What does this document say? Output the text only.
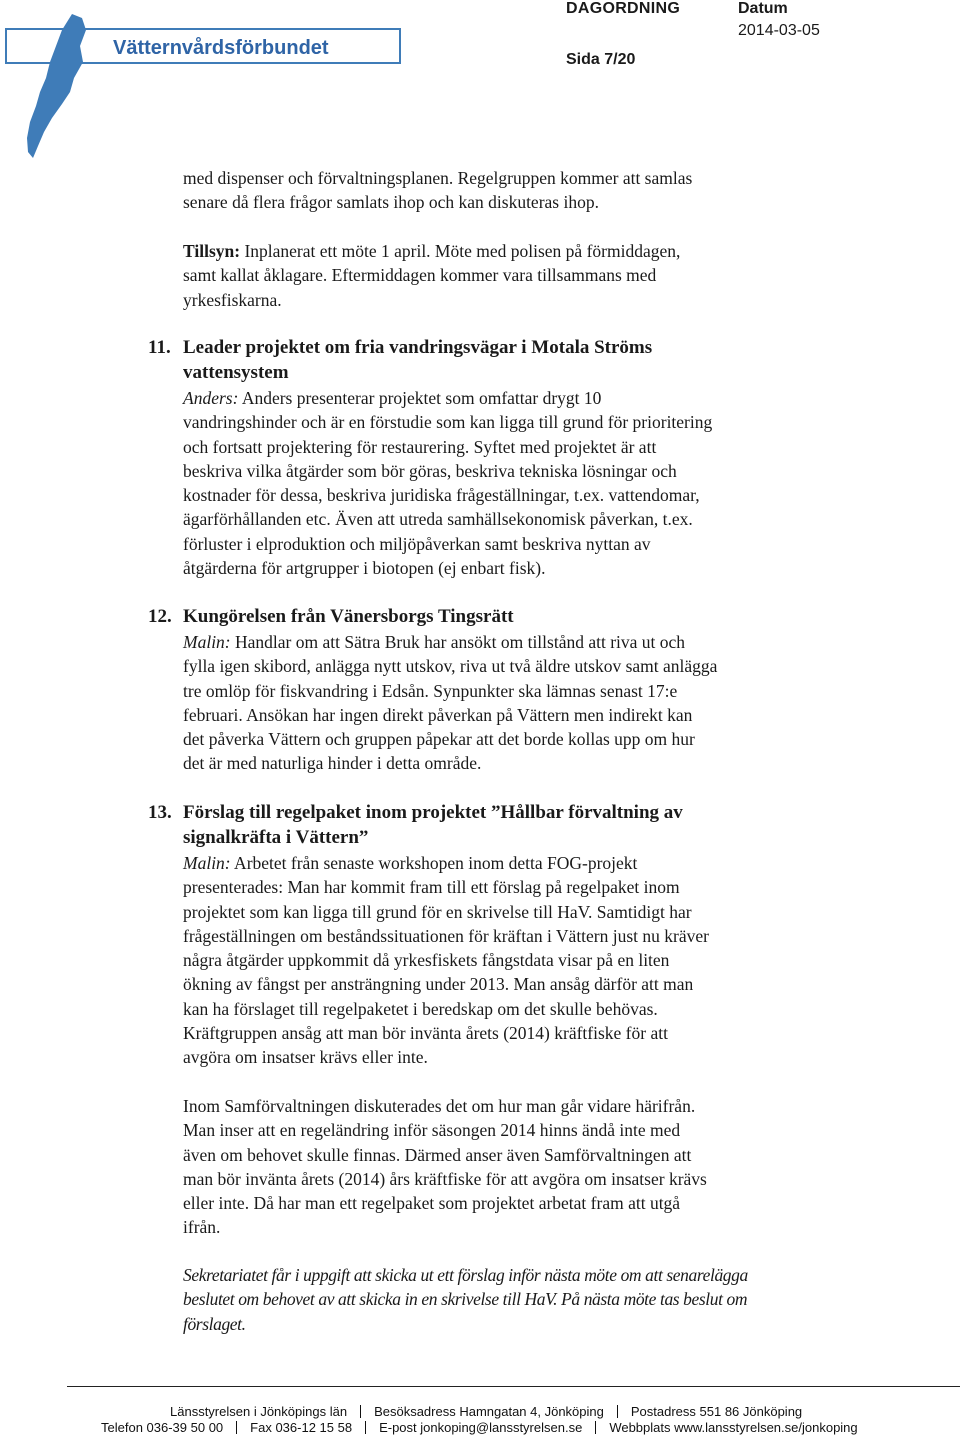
Vätternvårdsförbundet
DAGORDNING	Datum
2014-03-05
Sida 7/20
med dispenser och förvaltningsplanen. Regelgruppen kommer att samlas
senare då flera frågor samlats ihop och kan diskuteras ihop.
Tillsyn: Inplanerat ett möte 1 april. Möte med polisen på förmiddagen,
samt kallat åklagare. Eftermiddagen kommer vara tillsammans med
yrkesfiskarna.
11. Leader projektet om fria vandringsvägar i Motala Ströms
vattensystem
Anders: Anders presenterar projektet som omfattar drygt 10
vandringshinder och är en förstudie som kan ligga till grund för prioritering
och fortsatt projektering för restaurering. Syftet med projektet är att
beskriva vilka åtgärder som bör göras, beskriva tekniska lösningar och
kostnader för dessa, beskriva juridiska frågeställningar, t.ex. vattendomar,
ägarförhållanden etc. Även att utreda samhällsekonomisk påverkan, t.ex.
förluster i elproduktion och miljöpåverkan samt beskriva nyttan av
åtgärderna för artgrupper i biotopen (ej enbart fisk).
12. Kungörelsen från Vänersborgs Tingsrätt
Malin: Handlar om att Sätra Bruk har ansökt om tillstånd att riva ut och
fylla igen skibord, anlägga nytt utskov, riva ut två äldre utskov samt anlägga
tre omlöp för fiskvandring i Edsån. Synpunkter ska lämnas senast 17:e
februari. Ansökan har ingen direkt påverkan på Vättern men indirekt kan
det påverka Vättern och gruppen påpekar att det borde kollas upp om hur
det är med naturliga hinder i detta område.
13. Förslag till regelpaket inom projektet ”Hållbar förvaltning av
signalkräfta i Vättern”
Malin: Arbetet från senaste workshopen inom detta FOG-projekt
presenterades: Man har kommit fram till ett förslag på regelpaket inom
projektet som kan ligga till grund för en skrivelse till HaV. Samtidigt har
frågeställningen om beståndssituationen för kräftan i Vättern just nu kräver
några åtgärder uppkommit då yrkesfiskets fångstdata visar på en liten
ökning av fångst per ansträngning under 2013. Man ansåg därför att man
kan ha förslaget till regelpaketet i beredskap om det skulle behövas.
Kräftgruppen ansåg att man bör invänta årets (2014) kräftfiske för att
avgöra om insatser krävs eller inte.
Inom Samförvaltningen diskuterades det om hur man går vidare härifrån.
Man inser att en regeländring inför säsongen 2014 hinns ändå inte med
även om behovet skulle finnas. Därmed anser även Samförvaltningen att
man bör invänta årets (2014) års kräftfiske för att avgöra om insatser krävs
eller inte. Då har man ett regelpaket som projektet arbetat fram att utgå
ifrån.
Sekretariatet får i uppgift att skicka ut ett förslag inför nästa möte om att senarelägga
beslutet om behovet av att skicka in en skrivelse till HaV. På nästa möte tas beslut om
förslaget.
Länsstyrelsen i Jönköpings län Besöksadress Hamngatan 4, Jönköping Postadress 551 86 Jönköping
Telefon 036-39 50 00 Fax 036-12 15 58 E-post jonkoping@lansstyrelsen.se Webbplats www.lansstyrelsen.se/jonkoping
